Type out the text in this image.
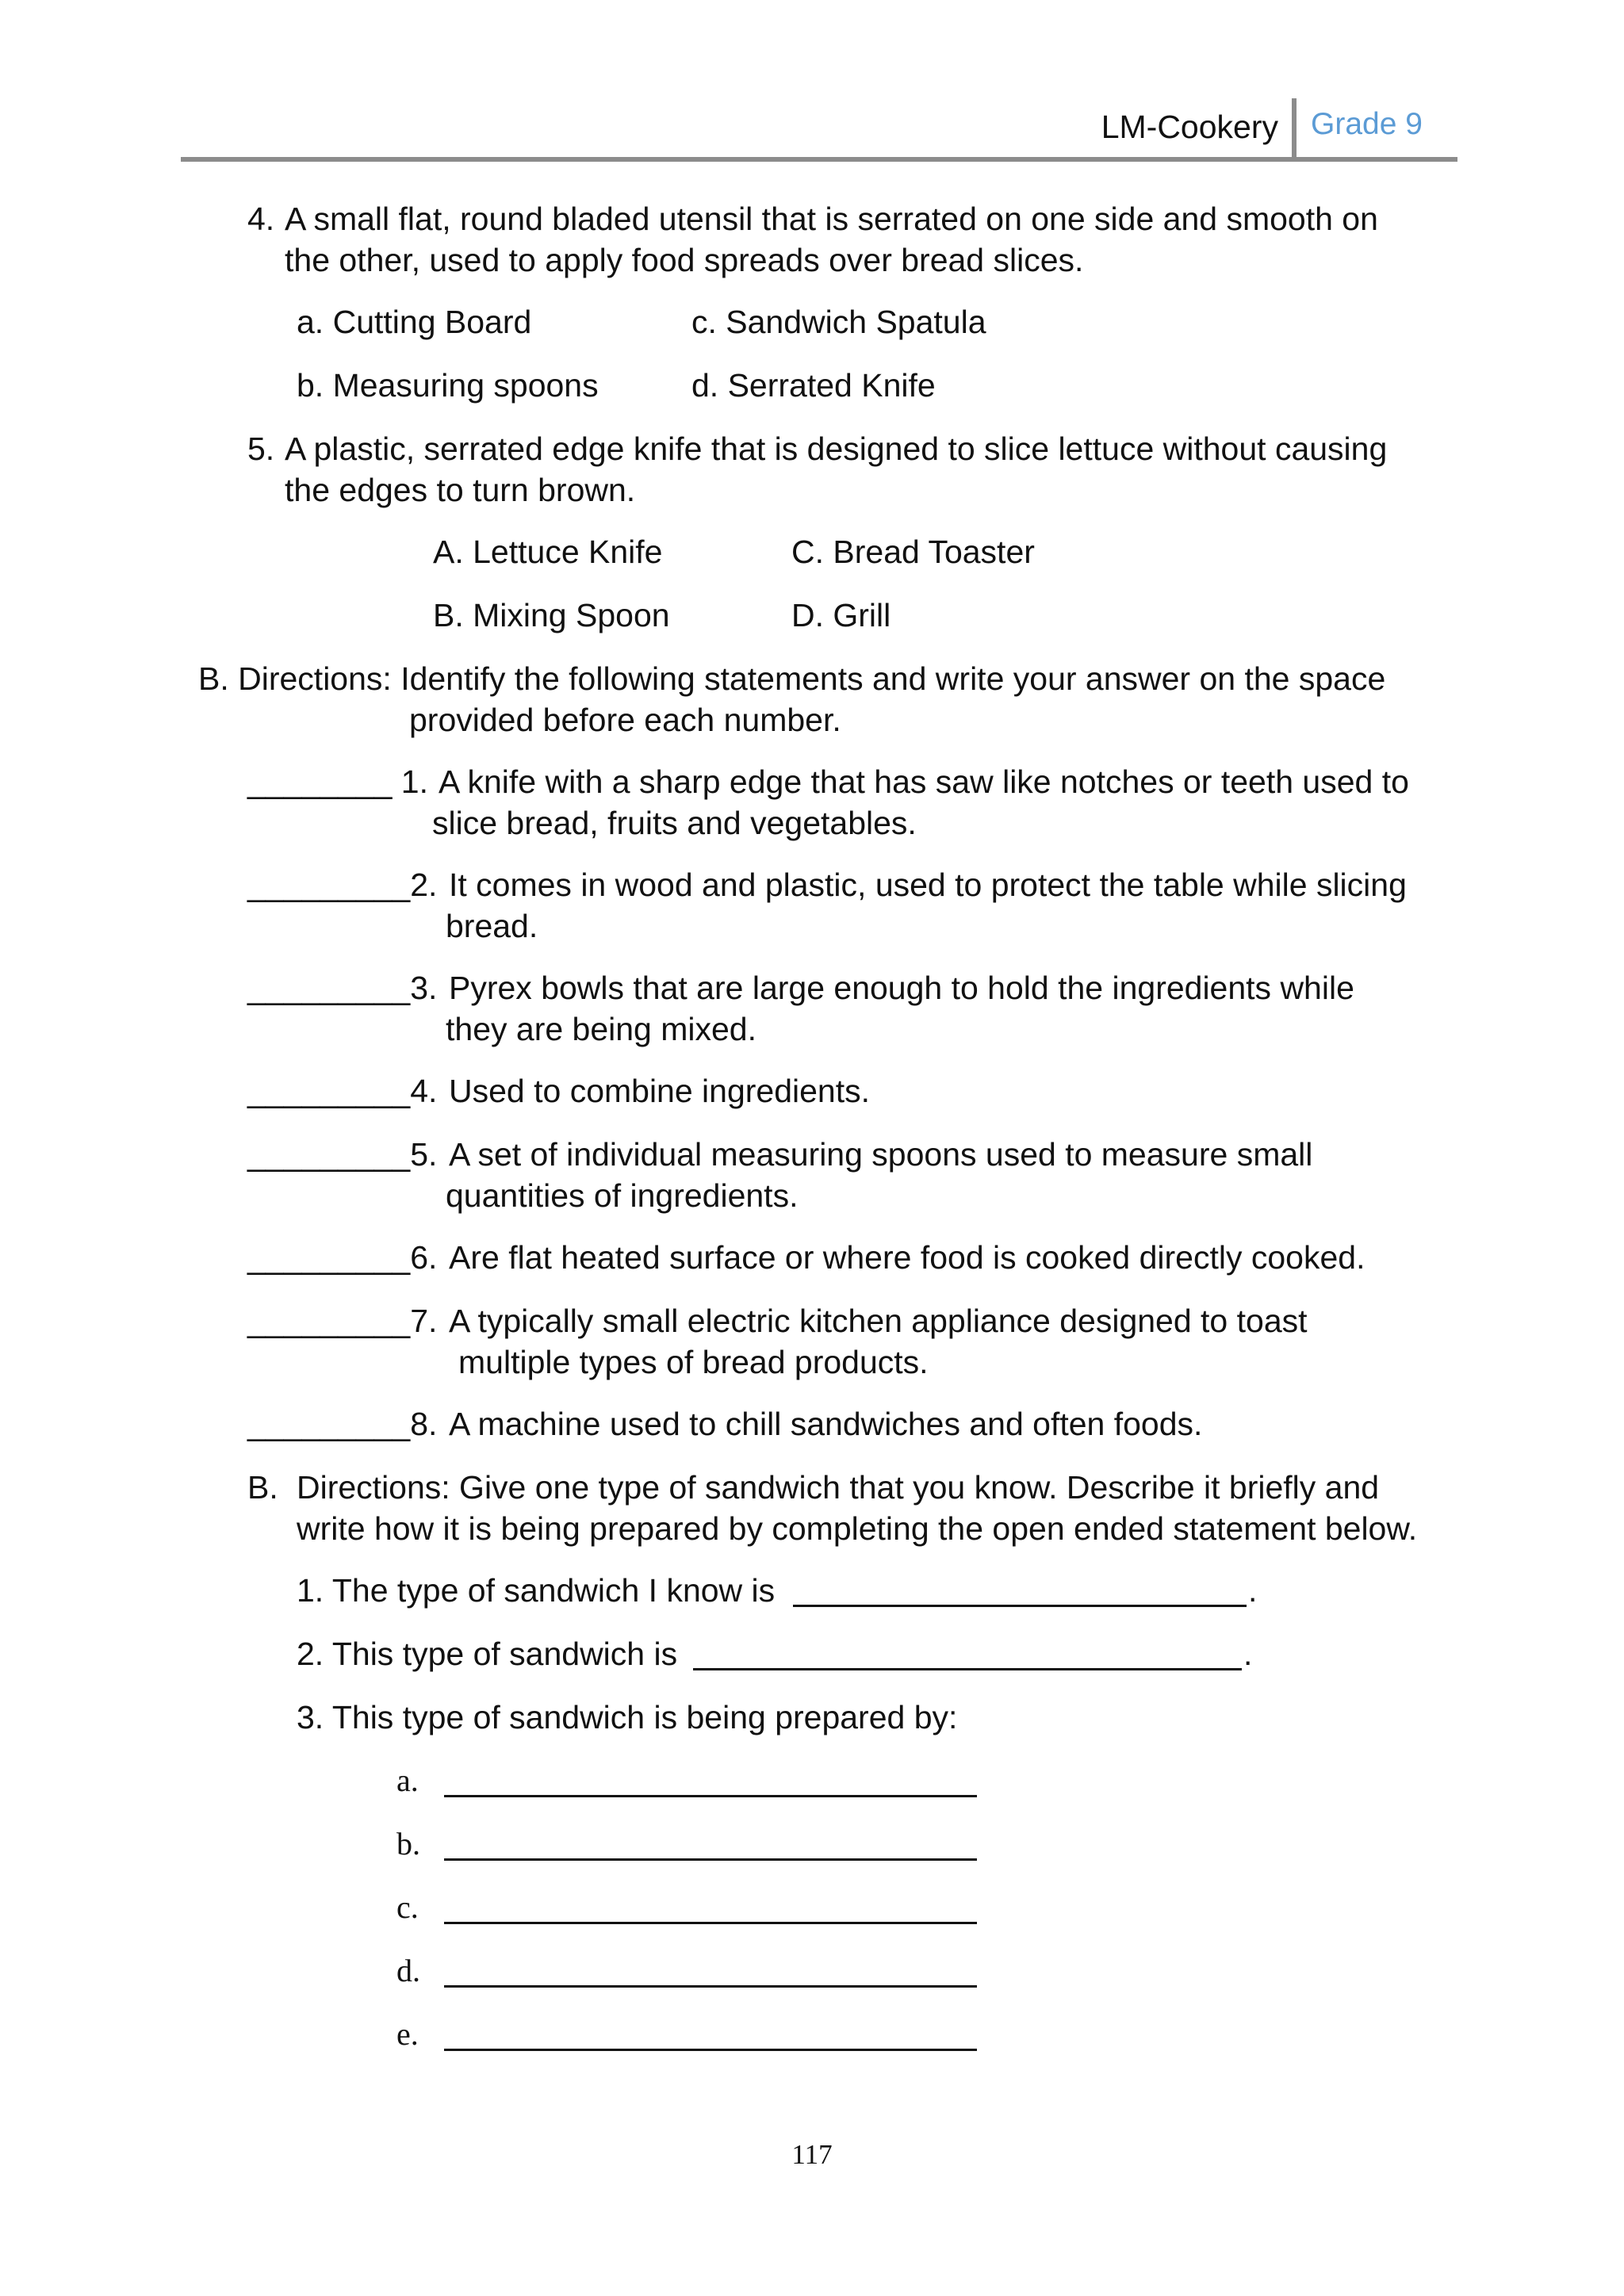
LM-Cookery Grade 9
4. A small flat, round bladed utensil that is serrated on one side and smooth on
the other, used to apply food spreads over bread slices.
a. Cutting Board	c. Sandwich Spatula
b. Measuring spoons	d. Serrated Knife
5. A plastic, serrated edge knife that is designed to slice lettuce without causing
the edges to turn brown.
A. Lettuce Knife	C. Bread Toaster
B. Mixing Spoon	D. Grill
B. Directions: Identify the following statements and write your answer on the space
provided before each number.
________ 1. A knife with a sharp edge that has saw like notches or teeth used to
slice bread, fruits and vegetables.
_________2. It comes in wood and plastic, used to protect the table while slicing
bread.
_________3. Pyrex bowls that are large enough to hold the ingredients while
they are being mixed.
_________4. Used to combine ingredients.
_________5. A set of individual measuring spoons used to measure small
quantities of ingredients.
_________6. Are flat heated surface or where food is cooked directly cooked.
_________7. A typically small electric kitchen appliance designed to toast
multiple types of bread products.
_________8. A machine used to chill sandwiches and often foods.
B. Directions: Give one type of sandwich that you know. Describe it briefly and
write how it is being prepared by completing the open ended statement below.
1. The type of sandwich I know is	.
2. This type of sandwich is	.
3. This type of sandwich is being prepared by:
a.
b.
c.
d.
e.
117
